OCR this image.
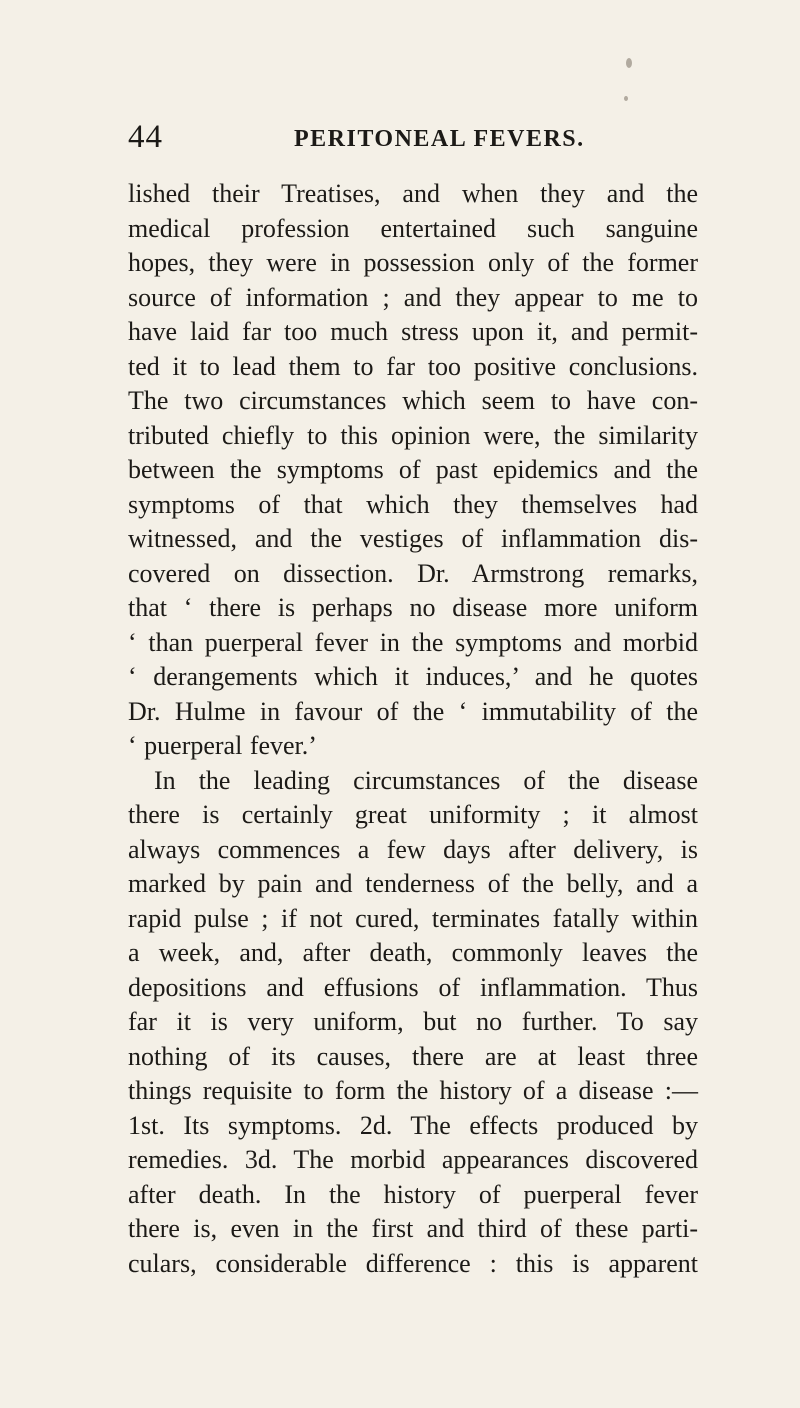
44	PERITONEAL FEVERS.
lished their Treatises, and when they and the
medical profession entertained such sanguine
hopes, they were in possession only of the former
source of information ; and they appear to me to
have laid far too much stress upon it, and permit-
ted it to lead them to far too positive conclusions.
The two circumstances which seem to have con-
tributed chiefly to this opinion were, the similarity
between the symptoms of past epidemics and the
symptoms of that which they themselves had
witnessed, and the vestiges of inflammation dis-
covered on dissection. Dr. Armstrong remarks,
that ‘ there is perhaps no disease more uniform
‘ than puerperal fever in the symptoms and morbid
‘ derangements which it induces,’ and he quotes
Dr. Hulme in favour of the ‘ immutability of the
‘ puerperal fever.’
In the leading circumstances of the disease
there is certainly great uniformity ; it almost
always commences a few days after delivery, is
marked by pain and tenderness of the belly, and a
rapid pulse ; if not cured, terminates fatally within
a week, and, after death, commonly leaves the
depositions and effusions of inflammation. Thus
far it is very uniform, but no further. To say
nothing of its causes, there are at least three
things requisite to form the history of a disease :—
1st. Its symptoms. 2d. The effects produced by
remedies. 3d. The morbid appearances discovered
after death. In the history of puerperal fever
there is, even in the first and third of these parti-
culars, considerable difference : this is apparent
